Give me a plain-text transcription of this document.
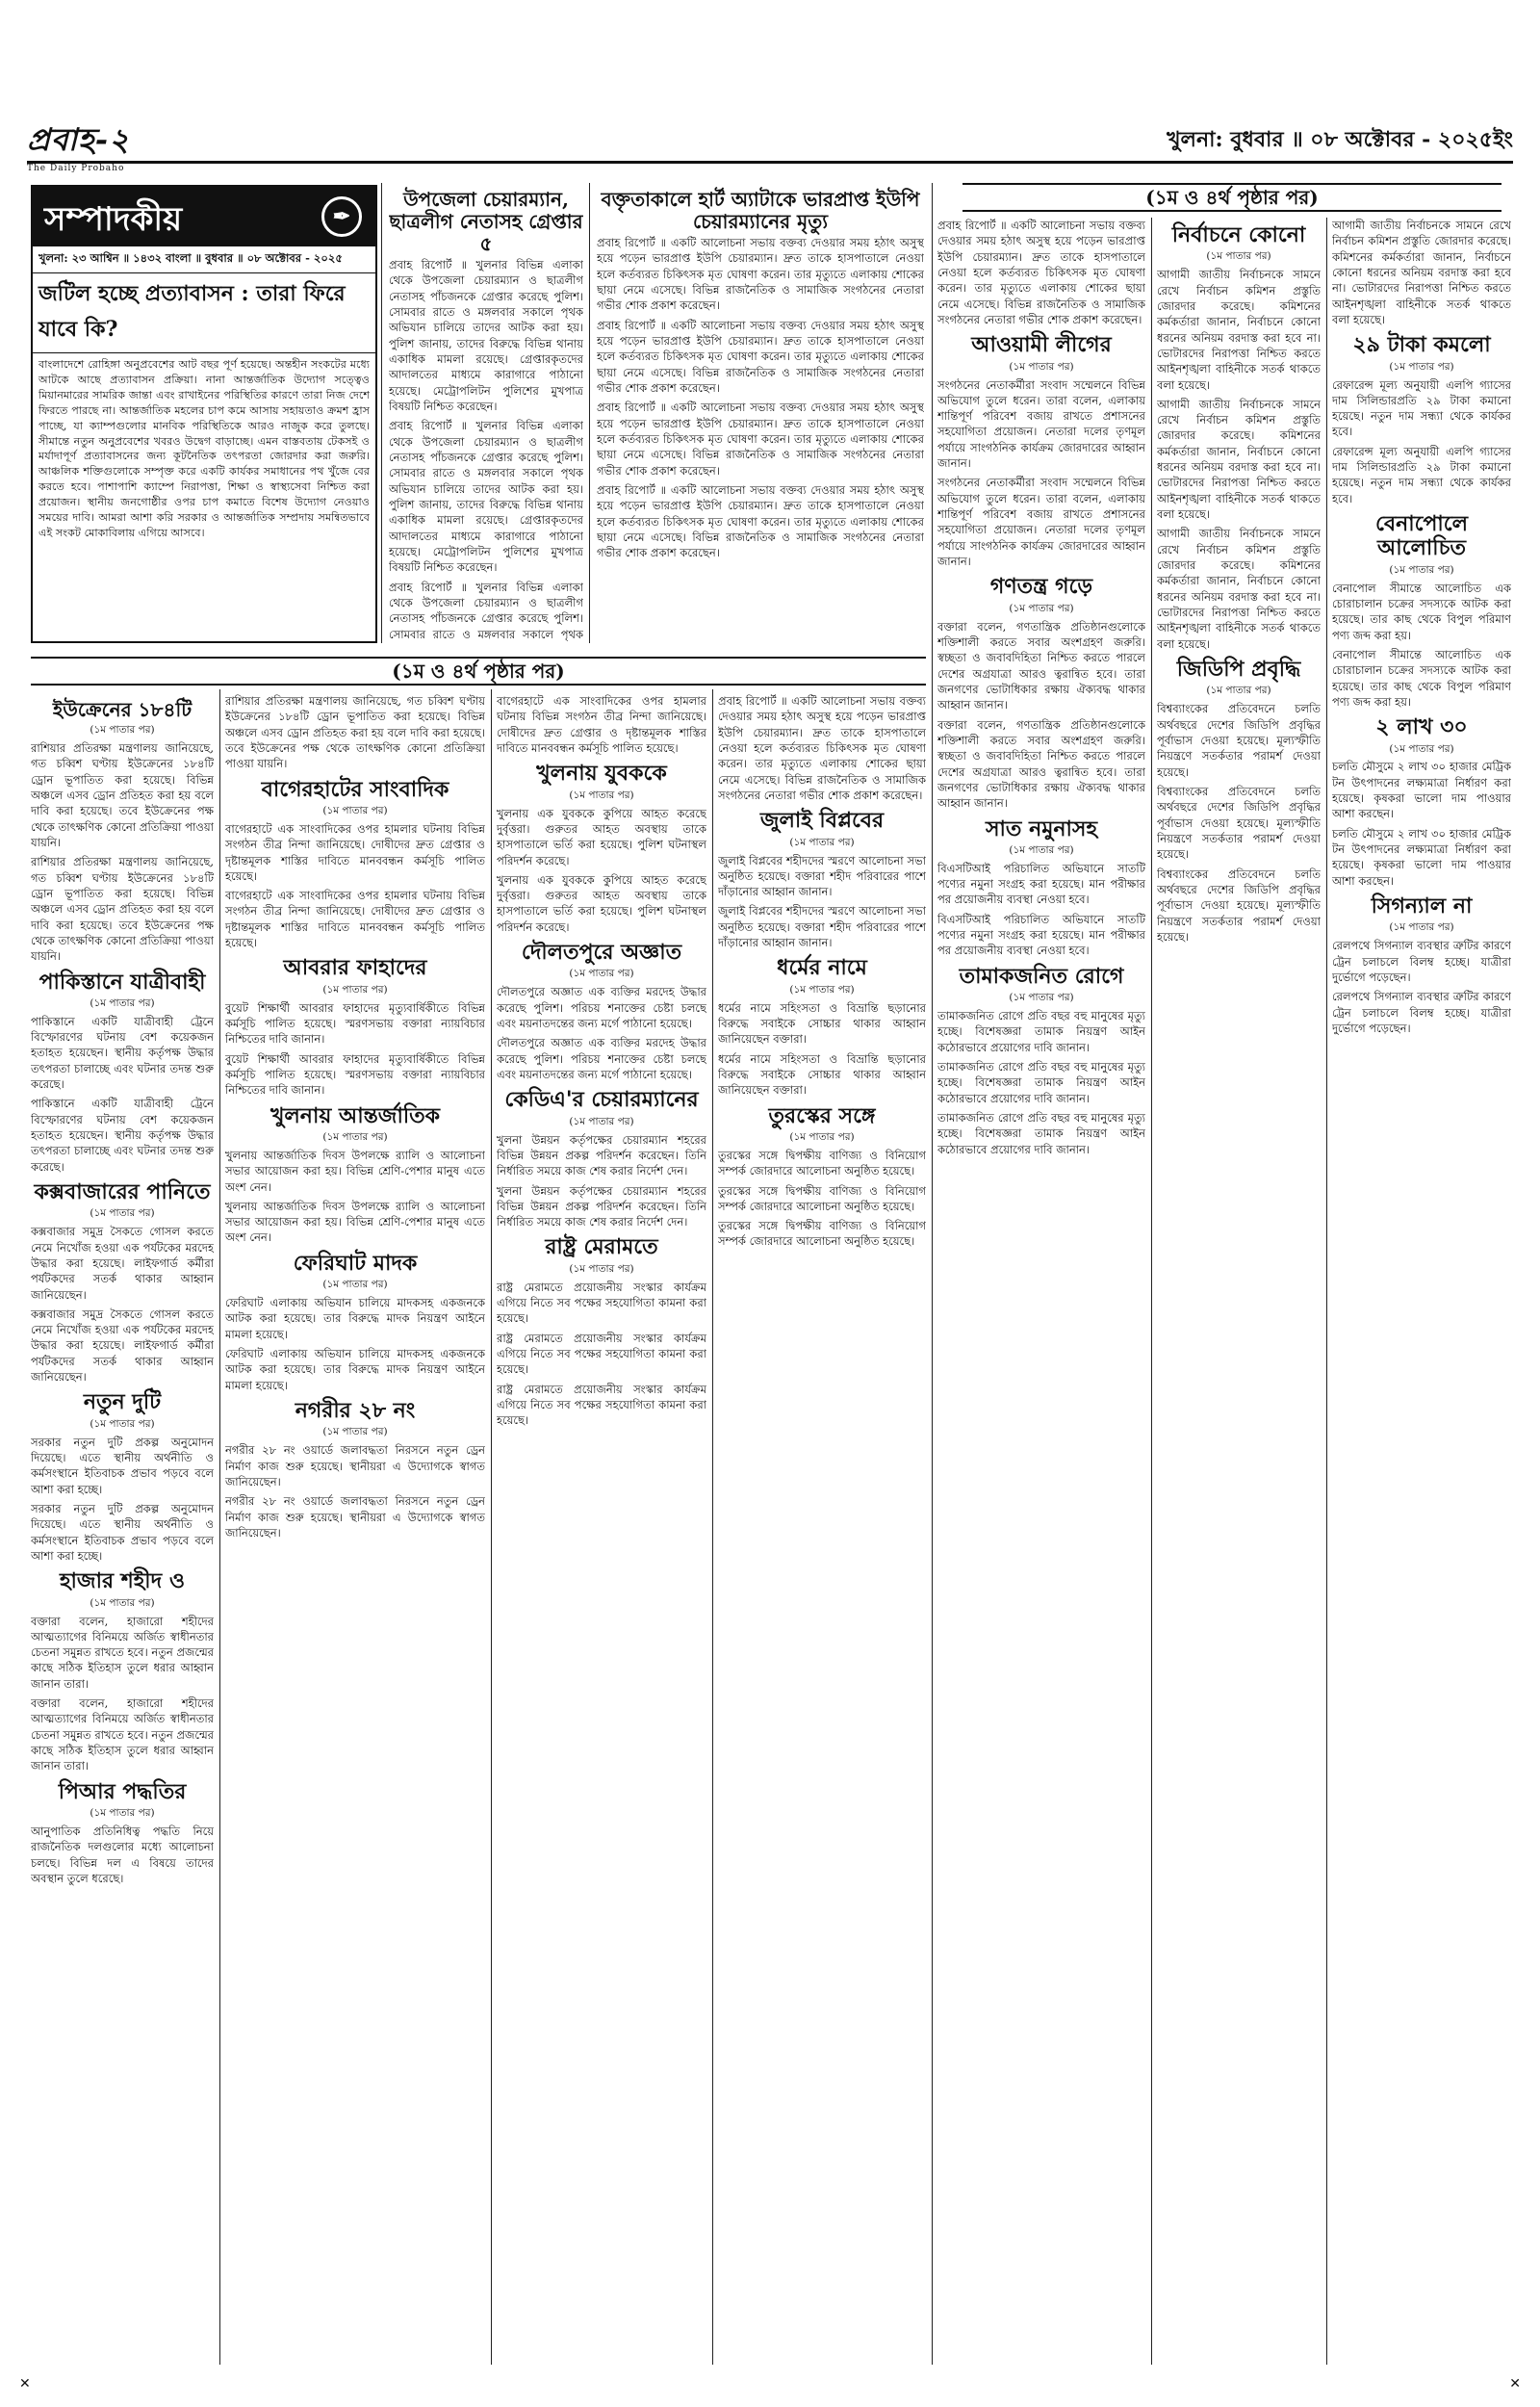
প্রবাহ-২
The Daily Probaho
খুলনা: বুধবার ॥ ০৮ অক্টোবর - ২০২৫ইং
সম্পাদকীয়	✒
খুলনা: ২৩ আশ্বিন ॥ ১৪৩২ বাংলা ॥ বুধবার ॥ ০৮ অক্টোবর - ২০২৫
জটিল হচ্ছে প্রত্যাবাসন : তারা ফিরে যাবে কি?
বাংলাদেশে রোহিঙ্গা অনুপ্রবেশের আট বছর পূর্ণ হয়েছে। অন্তহীন সংকটের মধ্যে আটকে আছে প্রত্যাবাসন প্রক্রিয়া। নানা আন্তর্জাতিক উদ্যোগ সত্ত্বেও মিয়ানমারের সামরিক জান্তা এবং রাখাইনের পরিস্থিতির কারণে তারা নিজ দেশে ফিরতে পারছে না। আন্তর্জাতিক মহলের চাপ কমে আসায় সহায়তাও ক্রমশ হ্রাস পাচ্ছে, যা ক্যাম্পগুলোর মানবিক পরিস্থিতিকে আরও নাজুক করে তুলছে। সীমান্তে নতুন অনুপ্রবেশের খবরও উদ্বেগ বাড়াচ্ছে। এমন বাস্তবতায় টেকসই ও মর্যাদাপূর্ণ প্রত্যাবাসনের জন্য কূটনৈতিক তৎপরতা জোরদার করা জরুরি। আঞ্চলিক শক্তিগুলোকে সম্পৃক্ত করে একটি কার্যকর সমাধানের পথ খুঁজে বের করতে হবে। পাশাপাশি ক্যাম্পে নিরাপত্তা, শিক্ষা ও স্বাস্থ্যসেবা নিশ্চিত করা প্রয়োজন। স্থানীয় জনগোষ্ঠীর ওপর চাপ কমাতে বিশেষ উদ্যোগ নেওয়াও সময়ের দাবি। আমরা আশা করি সরকার ও আন্তর্জাতিক সম্প্রদায় সমন্বিতভাবে এই সংকট মোকাবিলায় এগিয়ে আসবে।
(১ম ও ৪র্থ পৃষ্ঠার পর)
(১ম ও ৪র্থ পৃষ্ঠার পর)
উপজেলা চেয়ারম্যান, ছাত্রলীগ নেতাসহ গ্রেপ্তার ৫

প্রবাহ রিপোর্ট ॥ খুলনার বিভিন্ন এলাকা থেকে উপজেলা চেয়ারম্যান ও ছাত্রলীগ নেতাসহ পাঁচজনকে গ্রেপ্তার করেছে পুলিশ। সোমবার রাতে ও মঙ্গলবার সকালে পৃথক অভিযান চালিয়ে তাদের আটক করা হয়। পুলিশ জানায়, তাদের বিরুদ্ধে বিভিন্ন থানায় একাধিক মামলা রয়েছে। গ্রেপ্তারকৃতদের আদালতের মাধ্যমে কারাগারে পাঠানো হয়েছে। মেট্রোপলিটন পুলিশের মুখপাত্র বিষয়টি নিশ্চিত করেছেন।

প্রবাহ রিপোর্ট ॥ খুলনার বিভিন্ন এলাকা থেকে উপজেলা চেয়ারম্যান ও ছাত্রলীগ নেতাসহ পাঁচজনকে গ্রেপ্তার করেছে পুলিশ। সোমবার রাতে ও মঙ্গলবার সকালে পৃথক অভিযান চালিয়ে তাদের আটক করা হয়। পুলিশ জানায়, তাদের বিরুদ্ধে বিভিন্ন থানায় একাধিক মামলা রয়েছে। গ্রেপ্তারকৃতদের আদালতের মাধ্যমে কারাগারে পাঠানো হয়েছে। মেট্রোপলিটন পুলিশের মুখপাত্র বিষয়টি নিশ্চিত করেছেন।

প্রবাহ রিপোর্ট ॥ খুলনার বিভিন্ন এলাকা থেকে উপজেলা চেয়ারম্যান ও ছাত্রলীগ নেতাসহ পাঁচজনকে গ্রেপ্তার করেছে পুলিশ। সোমবার রাতে ও মঙ্গলবার সকালে পৃথক

বক্তৃতাকালে হার্ট অ্যাটাকে ভারপ্রাপ্ত ইউপি চেয়ারম্যানের মৃত্যু

প্রবাহ রিপোর্ট ॥ একটি আলোচনা সভায় বক্তব্য দেওয়ার সময় হঠাৎ অসুস্থ হয়ে পড়েন ভারপ্রাপ্ত ইউপি চেয়ারম্যান। দ্রুত তাকে হাসপাতালে নেওয়া হলে কর্তব্যরত চিকিৎসক মৃত ঘোষণা করেন। তার মৃত্যুতে এলাকায় শোকের ছায়া নেমে এসেছে। বিভিন্ন রাজনৈতিক ও সামাজিক সংগঠনের নেতারা গভীর শোক প্রকাশ করেছেন।

প্রবাহ রিপোর্ট ॥ একটি আলোচনা সভায় বক্তব্য দেওয়ার সময় হঠাৎ অসুস্থ হয়ে পড়েন ভারপ্রাপ্ত ইউপি চেয়ারম্যান। দ্রুত তাকে হাসপাতালে নেওয়া হলে কর্তব্যরত চিকিৎসক মৃত ঘোষণা করেন। তার মৃত্যুতে এলাকায় শোকের ছায়া নেমে এসেছে। বিভিন্ন রাজনৈতিক ও সামাজিক সংগঠনের নেতারা গভীর শোক প্রকাশ করেছেন।

প্রবাহ রিপোর্ট ॥ একটি আলোচনা সভায় বক্তব্য দেওয়ার সময় হঠাৎ অসুস্থ হয়ে পড়েন ভারপ্রাপ্ত ইউপি চেয়ারম্যান। দ্রুত তাকে হাসপাতালে নেওয়া হলে কর্তব্যরত চিকিৎসক মৃত ঘোষণা করেন। তার মৃত্যুতে এলাকায় শোকের ছায়া নেমে এসেছে। বিভিন্ন রাজনৈতিক ও সামাজিক সংগঠনের নেতারা গভীর শোক প্রকাশ করেছেন।

প্রবাহ রিপোর্ট ॥ একটি আলোচনা সভায় বক্তব্য দেওয়ার সময় হঠাৎ অসুস্থ হয়ে পড়েন ভারপ্রাপ্ত ইউপি চেয়ারম্যান। দ্রুত তাকে হাসপাতালে নেওয়া হলে কর্তব্যরত চিকিৎসক মৃত ঘোষণা করেন। তার মৃত্যুতে এলাকায় শোকের ছায়া নেমে এসেছে। বিভিন্ন রাজনৈতিক ও সামাজিক সংগঠনের নেতারা গভীর শোক প্রকাশ করেছেন।

ইউক্রেনের ১৮৪টি
(১ম পাতার পর)

রাশিয়ার প্রতিরক্ষা মন্ত্রণালয় জানিয়েছে, গত চব্বিশ ঘণ্টায় ইউক্রেনের ১৮৪টি ড্রোন ভূপাতিত করা হয়েছে। বিভিন্ন অঞ্চলে এসব ড্রোন প্রতিহত করা হয় বলে দাবি করা হয়েছে। তবে ইউক্রেনের পক্ষ থেকে তাৎক্ষণিক কোনো প্রতিক্রিয়া পাওয়া যায়নি।

রাশিয়ার প্রতিরক্ষা মন্ত্রণালয় জানিয়েছে, গত চব্বিশ ঘণ্টায় ইউক্রেনের ১৮৪টি ড্রোন ভূপাতিত করা হয়েছে। বিভিন্ন অঞ্চলে এসব ড্রোন প্রতিহত করা হয় বলে দাবি করা হয়েছে। তবে ইউক্রেনের পক্ষ থেকে তাৎক্ষণিক কোনো প্রতিক্রিয়া পাওয়া যায়নি।

পাকিস্তানে যাত্রীবাহী
(১ম পাতার পর)

পাকিস্তানে একটি যাত্রীবাহী ট্রেনে বিস্ফোরণের ঘটনায় বেশ কয়েকজন হতাহত হয়েছেন। স্থানীয় কর্তৃপক্ষ উদ্ধার তৎপরতা চালাচ্ছে এবং ঘটনার তদন্ত শুরু করেছে।

পাকিস্তানে একটি যাত্রীবাহী ট্রেনে বিস্ফোরণের ঘটনায় বেশ কয়েকজন হতাহত হয়েছেন। স্থানীয় কর্তৃপক্ষ উদ্ধার তৎপরতা চালাচ্ছে এবং ঘটনার তদন্ত শুরু করেছে।

কক্সবাজারের পানিতে
(১ম পাতার পর)

কক্সবাজার সমুদ্র সৈকতে গোসল করতে নেমে নিখোঁজ হওয়া এক পর্যটকের মরদেহ উদ্ধার করা হয়েছে। লাইফগার্ড কর্মীরা পর্যটকদের সতর্ক থাকার আহ্বান জানিয়েছেন।

কক্সবাজার সমুদ্র সৈকতে গোসল করতে নেমে নিখোঁজ হওয়া এক পর্যটকের মরদেহ উদ্ধার করা হয়েছে। লাইফগার্ড কর্মীরা পর্যটকদের সতর্ক থাকার আহ্বান জানিয়েছেন।

নতুন দুটি
(১ম পাতার পর)

সরকার নতুন দুটি প্রকল্প অনুমোদন দিয়েছে। এতে স্থানীয় অর্থনীতি ও কর্মসংস্থানে ইতিবাচক প্রভাব পড়বে বলে আশা করা হচ্ছে।

সরকার নতুন দুটি প্রকল্প অনুমোদন দিয়েছে। এতে স্থানীয় অর্থনীতি ও কর্মসংস্থানে ইতিবাচক প্রভাব পড়বে বলে আশা করা হচ্ছে।

হাজার শহীদ ও
(১ম পাতার পর)

বক্তারা বলেন, হাজারো শহীদের আত্মত্যাগের বিনিময়ে অর্জিত স্বাধীনতার চেতনা সমুন্নত রাখতে হবে। নতুন প্রজন্মের কাছে সঠিক ইতিহাস তুলে ধরার আহ্বান জানান তারা।

বক্তারা বলেন, হাজারো শহীদের আত্মত্যাগের বিনিময়ে অর্জিত স্বাধীনতার চেতনা সমুন্নত রাখতে হবে। নতুন প্রজন্মের কাছে সঠিক ইতিহাস তুলে ধরার আহ্বান জানান তারা।

পিআর পদ্ধতির
(১ম পাতার পর)

আনুপাতিক প্রতিনিধিত্ব পদ্ধতি নিয়ে রাজনৈতিক দলগুলোর মধ্যে আলোচনা চলছে। বিভিন্ন দল এ বিষয়ে তাদের অবস্থান তুলে ধরেছে।

রাশিয়ার প্রতিরক্ষা মন্ত্রণালয় জানিয়েছে, গত চব্বিশ ঘণ্টায় ইউক্রেনের ১৮৪টি ড্রোন ভূপাতিত করা হয়েছে। বিভিন্ন অঞ্চলে এসব ড্রোন প্রতিহত করা হয় বলে দাবি করা হয়েছে। তবে ইউক্রেনের পক্ষ থেকে তাৎক্ষণিক কোনো প্রতিক্রিয়া পাওয়া যায়নি।

বাগেরহাটের সাংবাদিক
(১ম পাতার পর)

বাগেরহাটে এক সাংবাদিকের ওপর হামলার ঘটনায় বিভিন্ন সংগঠন তীব্র নিন্দা জানিয়েছে। দোষীদের দ্রুত গ্রেপ্তার ও দৃষ্টান্তমূলক শাস্তির দাবিতে মানববন্ধন কর্মসূচি পালিত হয়েছে।

বাগেরহাটে এক সাংবাদিকের ওপর হামলার ঘটনায় বিভিন্ন সংগঠন তীব্র নিন্দা জানিয়েছে। দোষীদের দ্রুত গ্রেপ্তার ও দৃষ্টান্তমূলক শাস্তির দাবিতে মানববন্ধন কর্মসূচি পালিত হয়েছে।

আবরার ফাহাদের
(১ম পাতার পর)

বুয়েট শিক্ষার্থী আবরার ফাহাদের মৃত্যুবার্ষিকীতে বিভিন্ন কর্মসূচি পালিত হয়েছে। স্মরণসভায় বক্তারা ন্যায়বিচার নিশ্চিতের দাবি জানান।

বুয়েট শিক্ষার্থী আবরার ফাহাদের মৃত্যুবার্ষিকীতে বিভিন্ন কর্মসূচি পালিত হয়েছে। স্মরণসভায় বক্তারা ন্যায়বিচার নিশ্চিতের দাবি জানান।

খুলনায় আন্তর্জাতিক
(১ম পাতার পর)

খুলনায় আন্তর্জাতিক দিবস উপলক্ষে র‍্যালি ও আলোচনা সভার আয়োজন করা হয়। বিভিন্ন শ্রেণি-পেশার মানুষ এতে অংশ নেন।

খুলনায় আন্তর্জাতিক দিবস উপলক্ষে র‍্যালি ও আলোচনা সভার আয়োজন করা হয়। বিভিন্ন শ্রেণি-পেশার মানুষ এতে অংশ নেন।

ফেরিঘাট মাদক
(১ম পাতার পর)

ফেরিঘাট এলাকায় অভিযান চালিয়ে মাদকসহ একজনকে আটক করা হয়েছে। তার বিরুদ্ধে মাদক নিয়ন্ত্রণ আইনে মামলা হয়েছে।

ফেরিঘাট এলাকায় অভিযান চালিয়ে মাদকসহ একজনকে আটক করা হয়েছে। তার বিরুদ্ধে মাদক নিয়ন্ত্রণ আইনে মামলা হয়েছে।

নগরীর ২৮ নং
(১ম পাতার পর)

নগরীর ২৮ নং ওয়ার্ডে জলাবদ্ধতা নিরসনে নতুন ড্রেন নির্মাণ কাজ শুরু হয়েছে। স্থানীয়রা এ উদ্যোগকে স্বাগত জানিয়েছেন।

নগরীর ২৮ নং ওয়ার্ডে জলাবদ্ধতা নিরসনে নতুন ড্রেন নির্মাণ কাজ শুরু হয়েছে। স্থানীয়রা এ উদ্যোগকে স্বাগত জানিয়েছেন।

বাগেরহাটে এক সাংবাদিকের ওপর হামলার ঘটনায় বিভিন্ন সংগঠন তীব্র নিন্দা জানিয়েছে। দোষীদের দ্রুত গ্রেপ্তার ও দৃষ্টান্তমূলক শাস্তির দাবিতে মানববন্ধন কর্মসূচি পালিত হয়েছে।

খুলনায় যুবককে
(১ম পাতার পর)

খুলনায় এক যুবককে কুপিয়ে আহত করেছে দুর্বৃত্তরা। গুরুতর আহত অবস্থায় তাকে হাসপাতালে ভর্তি করা হয়েছে। পুলিশ ঘটনাস্থল পরিদর্শন করেছে।

খুলনায় এক যুবককে কুপিয়ে আহত করেছে দুর্বৃত্তরা। গুরুতর আহত অবস্থায় তাকে হাসপাতালে ভর্তি করা হয়েছে। পুলিশ ঘটনাস্থল পরিদর্শন করেছে।

দৌলতপুরে অজ্ঞাত
(১ম পাতার পর)

দৌলতপুরে অজ্ঞাত এক ব্যক্তির মরদেহ উদ্ধার করেছে পুলিশ। পরিচয় শনাক্তের চেষ্টা চলছে এবং ময়নাতদন্তের জন্য মর্গে পাঠানো হয়েছে।

দৌলতপুরে অজ্ঞাত এক ব্যক্তির মরদেহ উদ্ধার করেছে পুলিশ। পরিচয় শনাক্তের চেষ্টা চলছে এবং ময়নাতদন্তের জন্য মর্গে পাঠানো হয়েছে।

কেডিএ'র চেয়ারম্যানের
(১ম পাতার পর)

খুলনা উন্নয়ন কর্তৃপক্ষের চেয়ারম্যান শহরের বিভিন্ন উন্নয়ন প্রকল্প পরিদর্শন করেছেন। তিনি নির্ধারিত সময়ে কাজ শেষ করার নির্দেশ দেন।

খুলনা উন্নয়ন কর্তৃপক্ষের চেয়ারম্যান শহরের বিভিন্ন উন্নয়ন প্রকল্প পরিদর্শন করেছেন। তিনি নির্ধারিত সময়ে কাজ শেষ করার নির্দেশ দেন।

রাষ্ট্র মেরামতে
(১ম পাতার পর)

রাষ্ট্র মেরামতে প্রয়োজনীয় সংস্কার কার্যক্রম এগিয়ে নিতে সব পক্ষের সহযোগিতা কামনা করা হয়েছে।

রাষ্ট্র মেরামতে প্রয়োজনীয় সংস্কার কার্যক্রম এগিয়ে নিতে সব পক্ষের সহযোগিতা কামনা করা হয়েছে।

রাষ্ট্র মেরামতে প্রয়োজনীয় সংস্কার কার্যক্রম এগিয়ে নিতে সব পক্ষের সহযোগিতা কামনা করা হয়েছে।

প্রবাহ রিপোর্ট ॥ একটি আলোচনা সভায় বক্তব্য দেওয়ার সময় হঠাৎ অসুস্থ হয়ে পড়েন ভারপ্রাপ্ত ইউপি চেয়ারম্যান। দ্রুত তাকে হাসপাতালে নেওয়া হলে কর্তব্যরত চিকিৎসক মৃত ঘোষণা করেন। তার মৃত্যুতে এলাকায় শোকের ছায়া নেমে এসেছে। বিভিন্ন রাজনৈতিক ও সামাজিক সংগঠনের নেতারা গভীর শোক প্রকাশ করেছেন।

জুলাই বিপ্লবের
(১ম পাতার পর)

জুলাই বিপ্লবের শহীদদের স্মরণে আলোচনা সভা অনুষ্ঠিত হয়েছে। বক্তারা শহীদ পরিবারের পাশে দাঁড়ানোর আহ্বান জানান।

জুলাই বিপ্লবের শহীদদের স্মরণে আলোচনা সভা অনুষ্ঠিত হয়েছে। বক্তারা শহীদ পরিবারের পাশে দাঁড়ানোর আহ্বান জানান।

ধর্মের নামে
(১ম পাতার পর)

ধর্মের নামে সহিংসতা ও বিভ্রান্তি ছড়ানোর বিরুদ্ধে সবাইকে সোচ্চার থাকার আহ্বান জানিয়েছেন বক্তারা।

ধর্মের নামে সহিংসতা ও বিভ্রান্তি ছড়ানোর বিরুদ্ধে সবাইকে সোচ্চার থাকার আহ্বান জানিয়েছেন বক্তারা।

তুরস্কের সঙ্গে
(১ম পাতার পর)

তুরস্কের সঙ্গে দ্বিপক্ষীয় বাণিজ্য ও বিনিয়োগ সম্পর্ক জোরদারে আলোচনা অনুষ্ঠিত হয়েছে।

তুরস্কের সঙ্গে দ্বিপক্ষীয় বাণিজ্য ও বিনিয়োগ সম্পর্ক জোরদারে আলোচনা অনুষ্ঠিত হয়েছে।

তুরস্কের সঙ্গে দ্বিপক্ষীয় বাণিজ্য ও বিনিয়োগ সম্পর্ক জোরদারে আলোচনা অনুষ্ঠিত হয়েছে।

প্রবাহ রিপোর্ট ॥ একটি আলোচনা সভায় বক্তব্য দেওয়ার সময় হঠাৎ অসুস্থ হয়ে পড়েন ভারপ্রাপ্ত ইউপি চেয়ারম্যান। দ্রুত তাকে হাসপাতালে নেওয়া হলে কর্তব্যরত চিকিৎসক মৃত ঘোষণা করেন। তার মৃত্যুতে এলাকায় শোকের ছায়া নেমে এসেছে। বিভিন্ন রাজনৈতিক ও সামাজিক সংগঠনের নেতারা গভীর শোক প্রকাশ করেছেন।

আওয়ামী লীগের
(১ম পাতার পর)

সংগঠনের নেতাকর্মীরা সংবাদ সম্মেলনে বিভিন্ন অভিযোগ তুলে ধরেন। তারা বলেন, এলাকায় শান্তিপূর্ণ পরিবেশ বজায় রাখতে প্রশাসনের সহযোগিতা প্রয়োজন। নেতারা দলের তৃণমূল পর্যায়ে সাংগঠনিক কার্যক্রম জোরদারের আহ্বান জানান।

সংগঠনের নেতাকর্মীরা সংবাদ সম্মেলনে বিভিন্ন অভিযোগ তুলে ধরেন। তারা বলেন, এলাকায় শান্তিপূর্ণ পরিবেশ বজায় রাখতে প্রশাসনের সহযোগিতা প্রয়োজন। নেতারা দলের তৃণমূল পর্যায়ে সাংগঠনিক কার্যক্রম জোরদারের আহ্বান জানান।

গণতন্ত্র গড়ে
(১ম পাতার পর)

বক্তারা বলেন, গণতান্ত্রিক প্রতিষ্ঠানগুলোকে শক্তিশালী করতে সবার অংশগ্রহণ জরুরি। স্বচ্ছতা ও জবাবদিহিতা নিশ্চিত করতে পারলে দেশের অগ্রযাত্রা আরও ত্বরান্বিত হবে। তারা জনগণের ভোটাধিকার রক্ষায় ঐক্যবদ্ধ থাকার আহ্বান জানান।

বক্তারা বলেন, গণতান্ত্রিক প্রতিষ্ঠানগুলোকে শক্তিশালী করতে সবার অংশগ্রহণ জরুরি। স্বচ্ছতা ও জবাবদিহিতা নিশ্চিত করতে পারলে দেশের অগ্রযাত্রা আরও ত্বরান্বিত হবে। তারা জনগণের ভোটাধিকার রক্ষায় ঐক্যবদ্ধ থাকার আহ্বান জানান।

সাত নমুনাসহ
(১ম পাতার পর)

বিএসটিআই পরিচালিত অভিযানে সাতটি পণ্যের নমুনা সংগ্রহ করা হয়েছে। মান পরীক্ষার পর প্রয়োজনীয় ব্যবস্থা নেওয়া হবে।

বিএসটিআই পরিচালিত অভিযানে সাতটি পণ্যের নমুনা সংগ্রহ করা হয়েছে। মান পরীক্ষার পর প্রয়োজনীয় ব্যবস্থা নেওয়া হবে।

তামাকজনিত রোগে
(১ম পাতার পর)

তামাকজনিত রোগে প্রতি বছর বহু মানুষের মৃত্যু হচ্ছে। বিশেষজ্ঞরা তামাক নিয়ন্ত্রণ আইন কঠোরভাবে প্রয়োগের দাবি জানান।

তামাকজনিত রোগে প্রতি বছর বহু মানুষের মৃত্যু হচ্ছে। বিশেষজ্ঞরা তামাক নিয়ন্ত্রণ আইন কঠোরভাবে প্রয়োগের দাবি জানান।

তামাকজনিত রোগে প্রতি বছর বহু মানুষের মৃত্যু হচ্ছে। বিশেষজ্ঞরা তামাক নিয়ন্ত্রণ আইন কঠোরভাবে প্রয়োগের দাবি জানান।

নির্বাচনে কোনো
(১ম পাতার পর)

আগামী জাতীয় নির্বাচনকে সামনে রেখে নির্বাচন কমিশন প্রস্তুতি জোরদার করেছে। কমিশনের কর্মকর্তারা জানান, নির্বাচনে কোনো ধরনের অনিয়ম বরদাস্ত করা হবে না। ভোটারদের নিরাপত্তা নিশ্চিত করতে আইনশৃঙ্খলা বাহিনীকে সতর্ক থাকতে বলা হয়েছে।

আগামী জাতীয় নির্বাচনকে সামনে রেখে নির্বাচন কমিশন প্রস্তুতি জোরদার করেছে। কমিশনের কর্মকর্তারা জানান, নির্বাচনে কোনো ধরনের অনিয়ম বরদাস্ত করা হবে না। ভোটারদের নিরাপত্তা নিশ্চিত করতে আইনশৃঙ্খলা বাহিনীকে সতর্ক থাকতে বলা হয়েছে।

আগামী জাতীয় নির্বাচনকে সামনে রেখে নির্বাচন কমিশন প্রস্তুতি জোরদার করেছে। কমিশনের কর্মকর্তারা জানান, নির্বাচনে কোনো ধরনের অনিয়ম বরদাস্ত করা হবে না। ভোটারদের নিরাপত্তা নিশ্চিত করতে আইনশৃঙ্খলা বাহিনীকে সতর্ক থাকতে বলা হয়েছে।

জিডিপি প্রবৃদ্ধি
(১ম পাতার পর)

বিশ্বব্যাংকের প্রতিবেদনে চলতি অর্থবছরে দেশের জিডিপি প্রবৃদ্ধির পূর্বাভাস দেওয়া হয়েছে। মূল্যস্ফীতি নিয়ন্ত্রণে সতর্কতার পরামর্শ দেওয়া হয়েছে।

বিশ্বব্যাংকের প্রতিবেদনে চলতি অর্থবছরে দেশের জিডিপি প্রবৃদ্ধির পূর্বাভাস দেওয়া হয়েছে। মূল্যস্ফীতি নিয়ন্ত্রণে সতর্কতার পরামর্শ দেওয়া হয়েছে।

বিশ্বব্যাংকের প্রতিবেদনে চলতি অর্থবছরে দেশের জিডিপি প্রবৃদ্ধির পূর্বাভাস দেওয়া হয়েছে। মূল্যস্ফীতি নিয়ন্ত্রণে সতর্কতার পরামর্শ দেওয়া হয়েছে।

আগামী জাতীয় নির্বাচনকে সামনে রেখে নির্বাচন কমিশন প্রস্তুতি জোরদার করেছে। কমিশনের কর্মকর্তারা জানান, নির্বাচনে কোনো ধরনের অনিয়ম বরদাস্ত করা হবে না। ভোটারদের নিরাপত্তা নিশ্চিত করতে আইনশৃঙ্খলা বাহিনীকে সতর্ক থাকতে বলা হয়েছে।

২৯ টাকা কমলো
(১ম পাতার পর)

রেফারেন্স মূল্য অনুযায়ী এলপি গ্যাসের দাম সিলিন্ডারপ্রতি ২৯ টাকা কমানো হয়েছে। নতুন দাম সন্ধ্যা থেকে কার্যকর হবে।

রেফারেন্স মূল্য অনুযায়ী এলপি গ্যাসের দাম সিলিন্ডারপ্রতি ২৯ টাকা কমানো হয়েছে। নতুন দাম সন্ধ্যা থেকে কার্যকর হবে।

বেনাপোলে আলোচিত
(১ম পাতার পর)

বেনাপোল সীমান্তে আলোচিত এক চোরাচালান চক্রের সদস্যকে আটক করা হয়েছে। তার কাছ থেকে বিপুল পরিমাণ পণ্য জব্দ করা হয়।

বেনাপোল সীমান্তে আলোচিত এক চোরাচালান চক্রের সদস্যকে আটক করা হয়েছে। তার কাছ থেকে বিপুল পরিমাণ পণ্য জব্দ করা হয়।

২ লাখ ৩০
(১ম পাতার পর)

চলতি মৌসুমে ২ লাখ ৩০ হাজার মেট্রিক টন উৎপাদনের লক্ষ্যমাত্রা নির্ধারণ করা হয়েছে। কৃষকরা ভালো দাম পাওয়ার আশা করছেন।

চলতি মৌসুমে ২ লাখ ৩০ হাজার মেট্রিক টন উৎপাদনের লক্ষ্যমাত্রা নির্ধারণ করা হয়েছে। কৃষকরা ভালো দাম পাওয়ার আশা করছেন।

সিগন্যাল না
(১ম পাতার পর)

রেলপথে সিগন্যাল ব্যবস্থার ত্রুটির কারণে ট্রেন চলাচলে বিলম্ব হচ্ছে। যাত্রীরা দুর্ভোগে পড়েছেন।

রেলপথে সিগন্যাল ব্যবস্থার ত্রুটির কারণে ট্রেন চলাচলে বিলম্ব হচ্ছে। যাত্রীরা দুর্ভোগে পড়েছেন।

✕	✕
